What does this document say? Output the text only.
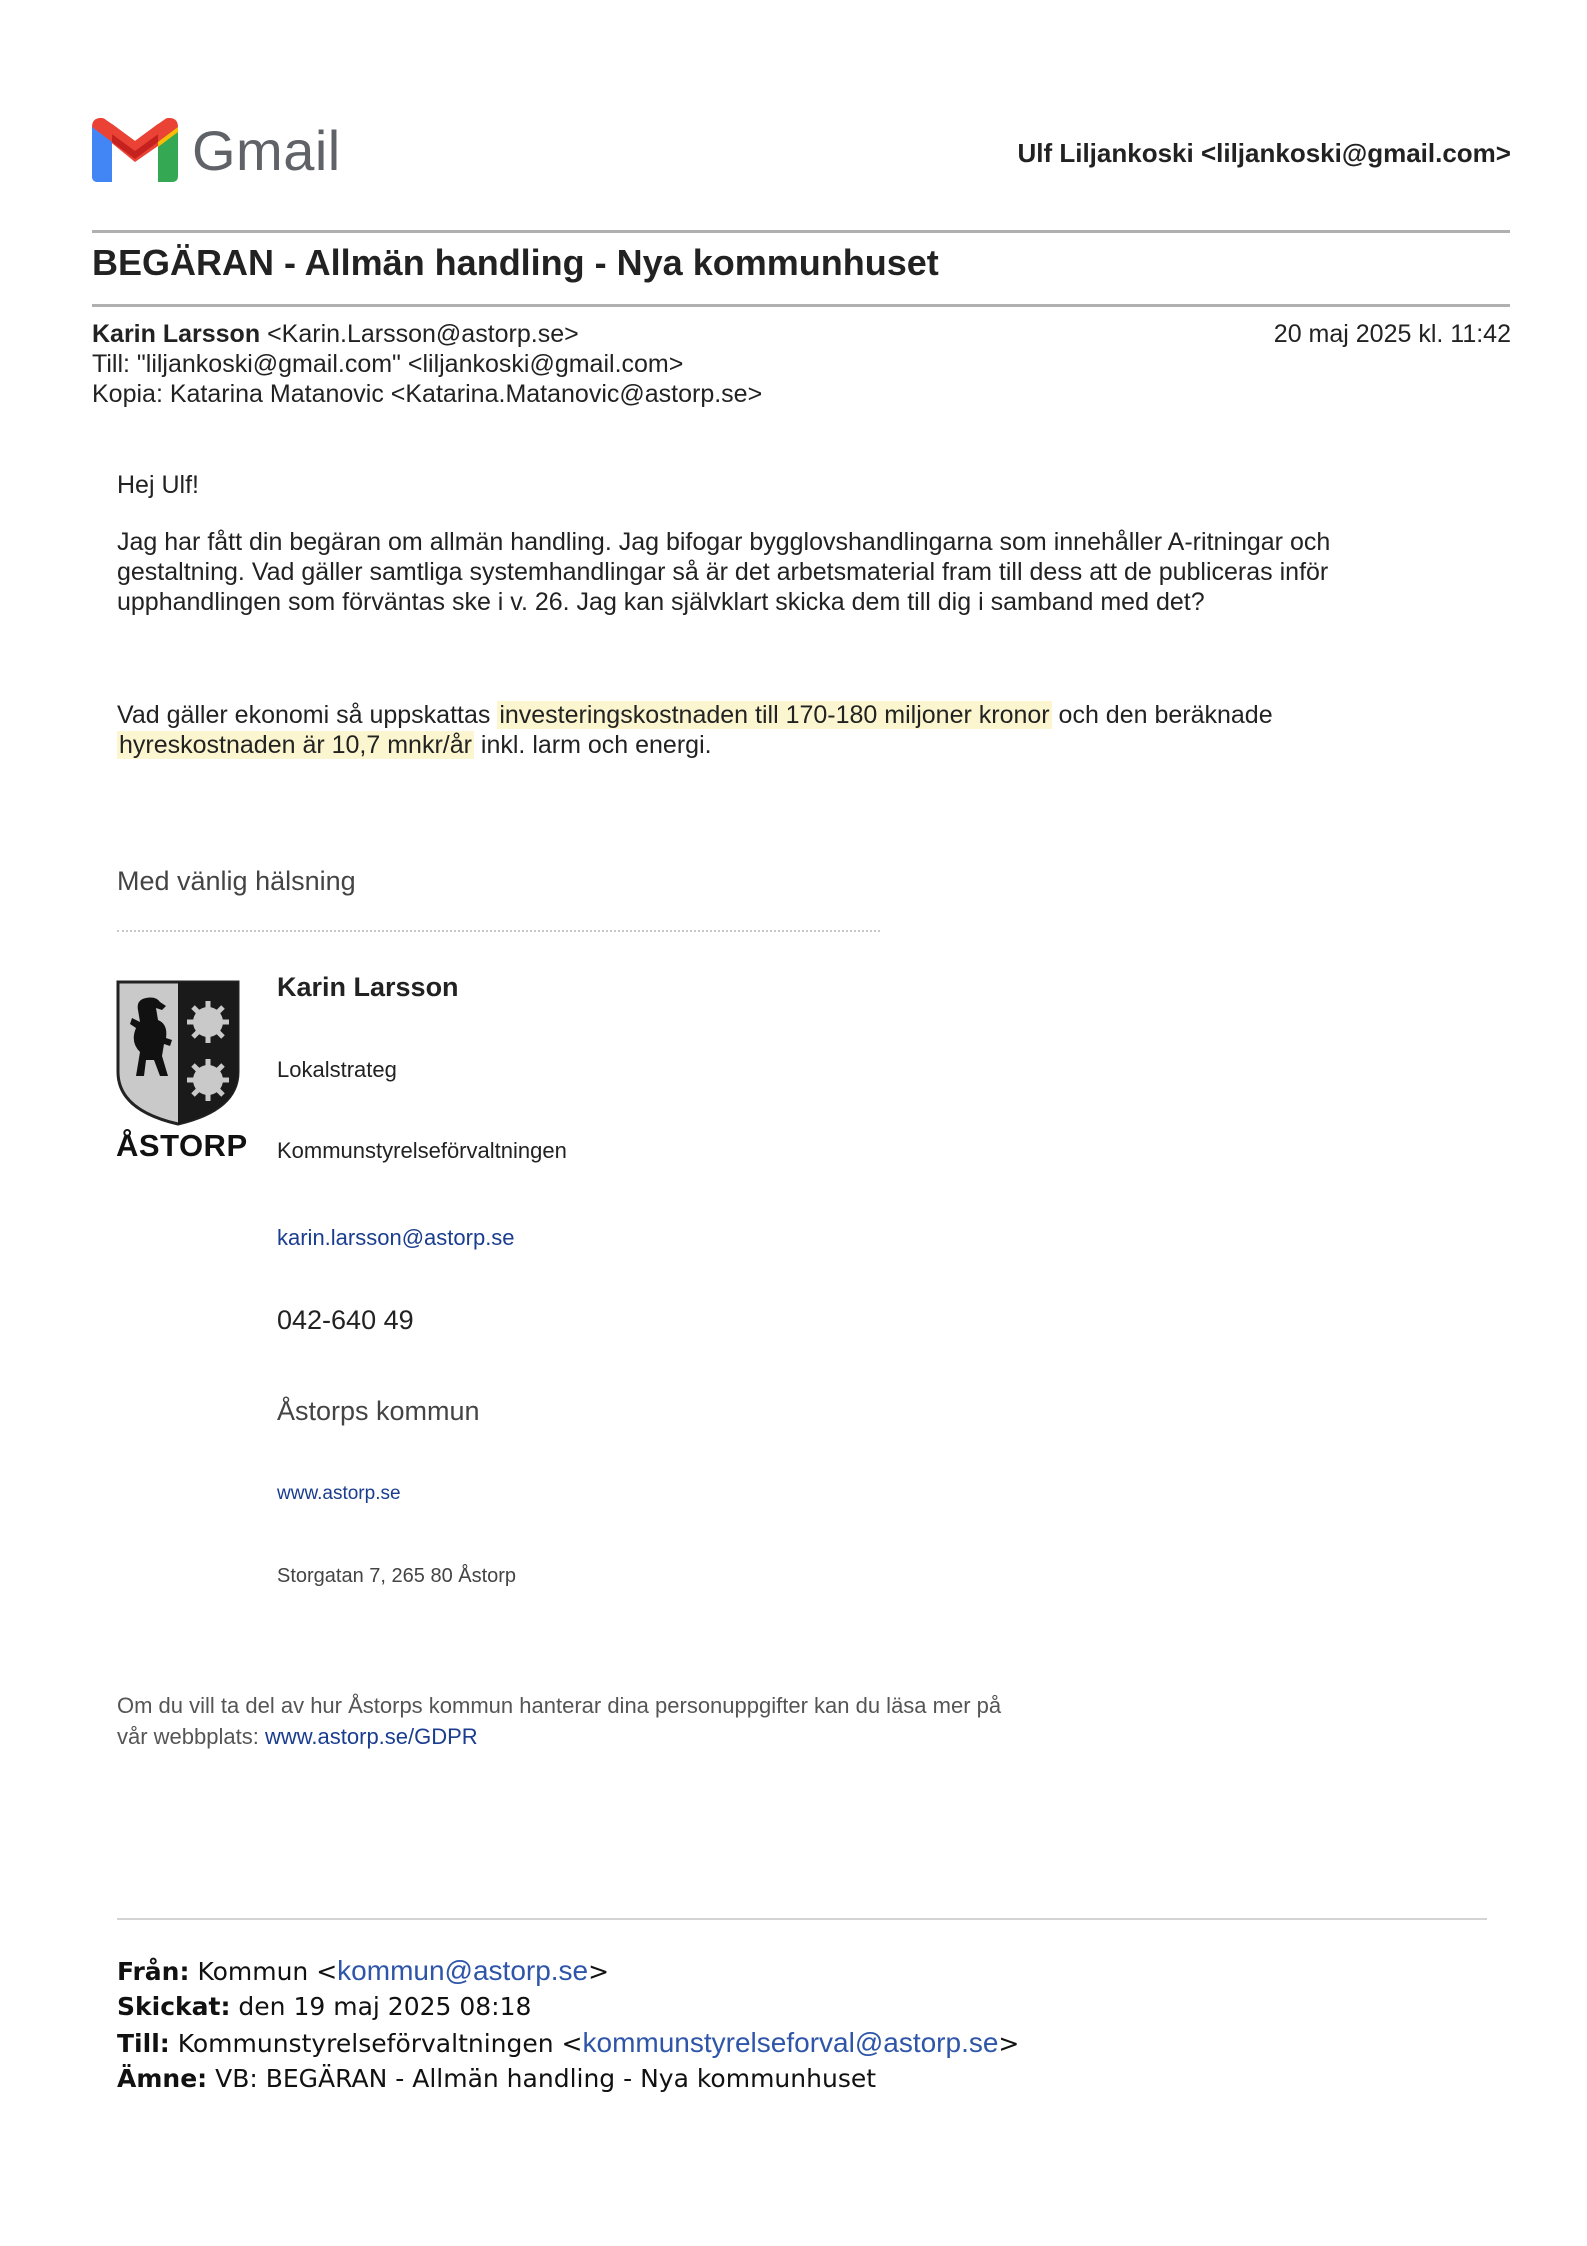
Gmail	Ulf Liljankoski <liljankoski@gmail.com>
BEGÄRAN - Allmän handling - Nya kommunhuset
Karin Larsson <Karin.Larsson@astorp.se>	20 maj 2025 kl. 11:42
Till: "liljankoski@gmail.com" <liljankoski@gmail.com>
Kopia: Katarina Matanovic <Katarina.Matanovic@astorp.se>
Hej Ulf!
Jag har fått din begäran om allmän handling. Jag bifogar bygglovshandlingarna som innehåller A-ritningar och gestaltning. Vad gäller samtliga systemhandlingar så är det arbetsmaterial fram till dess att de publiceras inför upphandlingen som förväntas ske i v. 26. Jag kan självklart skicka dem till dig i samband med det?
Vad gäller ekonomi så uppskattas investeringskostnaden till 170-180 miljoner kronor och den beräknade hyreskostnaden är 10,7 mnkr/år inkl. larm och energi.
Med vänlig hälsning
ÅSTORP
Karin Larsson
Lokalstrateg
Kommunstyrelseförvaltningen
karin.larsson@astorp.se
042-640 49
Åstorps kommun
www.astorp.se
Storgatan 7, 265 80 Åstorp
Om du vill ta del av hur Åstorps kommun hanterar dina personuppgifter kan du läsa mer på vår webbplats: www.astorp.se/GDPR
Från: Kommun <kommun@astorp.se>
Skickat: den 19 maj 2025 08:18
Till: Kommunstyrelseförvaltningen <kommunstyrelseforval@astorp.se>
Ämne: VB: BEGÄRAN - Allmän handling - Nya kommunhuset
